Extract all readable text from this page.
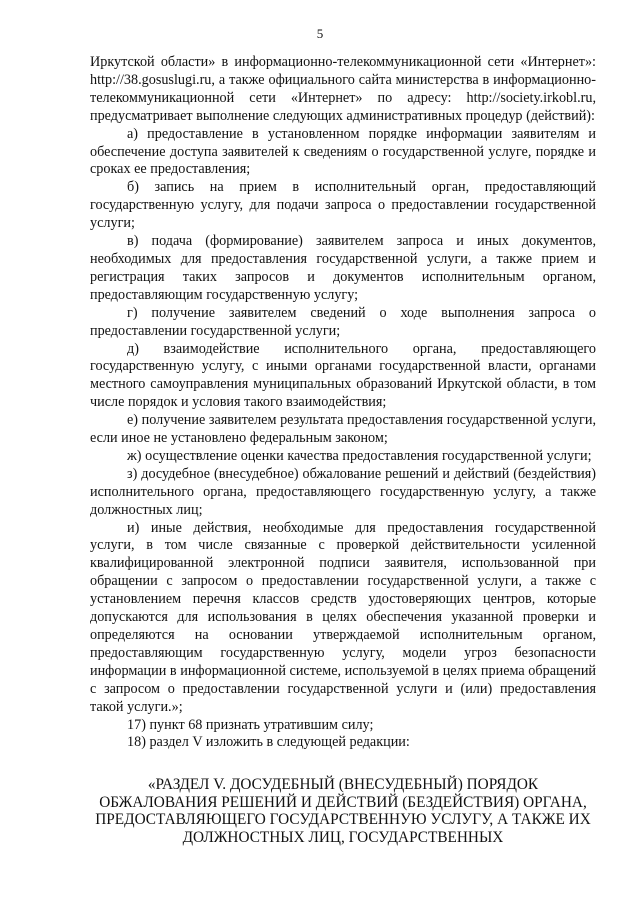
5

Иркутской области» в информационно-телекоммуникационной сети «Интернет»: http://38.gosuslugi.ru, а также официального сайта министерства в информационно-телекоммуникационной сети «Интернет» по адресу: http://society.irkobl.ru, предусматривает выполнение следующих административных процедур (действий):

а) предоставление в установленном порядке информации заявителям и обеспечение доступа заявителей к сведениям о государственной услуге, порядке и сроках ее предоставления;

б) запись на прием в исполнительный орган, предоставляющий государственную услугу, для подачи запроса о предоставлении государственной услуги;

в) подача (формирование) заявителем запроса и иных документов, необходимых для предоставления государственной услуги, а также прием и регистрация таких запросов и документов исполнительным органом, предоставляющим государственную услугу;

г) получение заявителем сведений о ходе выполнения запроса о предоставлении государственной услуги;

д) взаимодействие исполнительного органа, предоставляющего государственную услугу, с иными органами государственной власти, органами местного самоуправления муниципальных образований Иркутской области, в том числе порядок и условия такого взаимодействия;

е) получение заявителем результата предоставления государственной услуги, если иное не установлено федеральным законом;

ж) осуществление оценки качества предоставления государственной услуги;

з) досудебное (внесудебное) обжалование решений и действий (бездействия) исполнительного органа, предоставляющего государственную услугу, а также должностных лиц;

и) иные действия, необходимые для предоставления государственной услуги, в том числе связанные с проверкой действительности усиленной квалифицированной электронной подписи заявителя, использованной при обращении с запросом о предоставлении государственной услуги, а также с установлением перечня классов средств удостоверяющих центров, которые допускаются для использования в целях обеспечения указанной проверки и определяются на основании утверждаемой исполнительным органом, предоставляющим государственную услугу, модели угроз безопасности информации в информационной системе, используемой в целях приема обращений с запросом о предоставлении государственной услуги и (или) предоставления такой услуги.»;

17) пункт 68 признать утратившим силу;

18) раздел V изложить в следующей редакции:

«РАЗДЕЛ V. ДОСУДЕБНЫЙ (ВНЕСУДЕБНЫЙ) ПОРЯДОК ОБЖАЛОВАНИЯ РЕШЕНИЙ И ДЕЙСТВИЙ (БЕЗДЕЙСТВИЯ) ОРГАНА, ПРЕДОСТАВЛЯЮЩЕГО ГОСУДАРСТВЕННУЮ УСЛУГУ, А ТАКЖЕ ИХ ДОЛЖНОСТНЫХ ЛИЦ, ГОСУДАРСТВЕННЫХ
